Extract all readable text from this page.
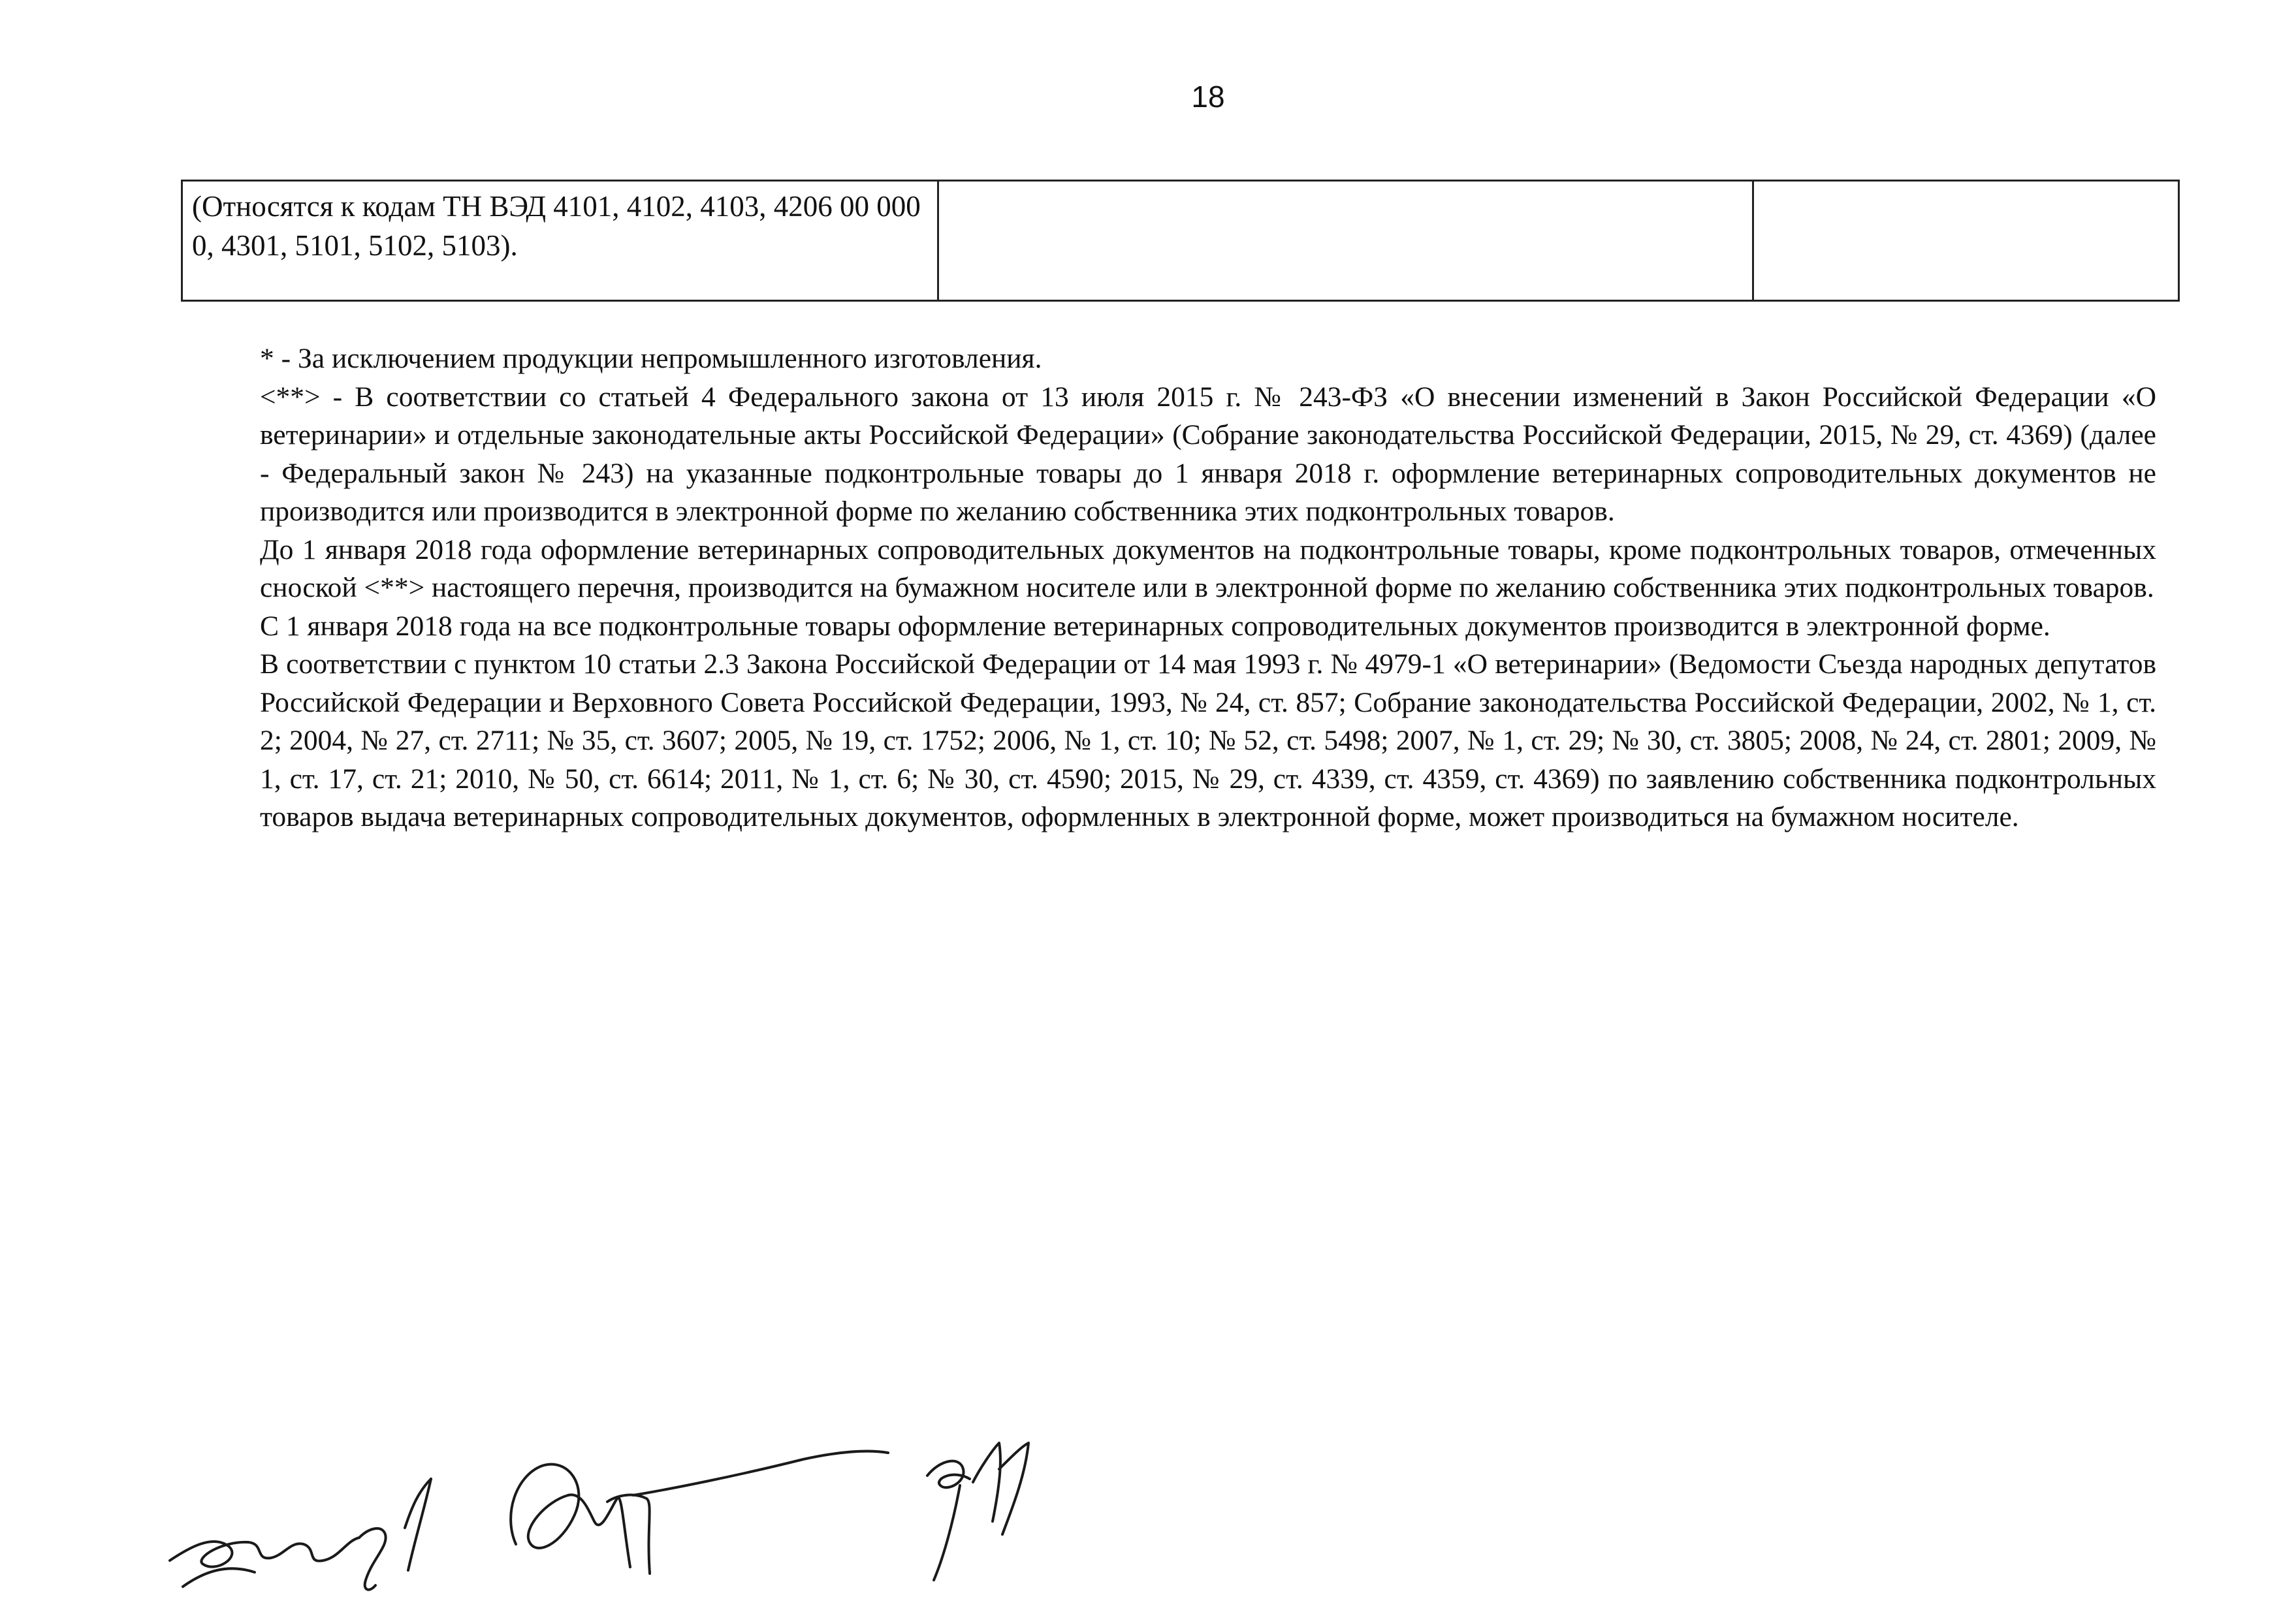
18
(Относятся к кодам ТН ВЭД 4101, 4102, 4103, 4206 00 000 0, 4301, 5101, 5102, 5103).		

* - За исключением продукции непромышленного изготовления.

<**> - В соответствии со статьей 4 Федерального закона от 13 июля 2015 г. № 243-ФЗ «О внесении изменений в Закон Российской Федерации «О ветеринарии» и отдельные законодательные акты Российской Федерации» (Собрание законодательства Российской Федерации, 2015, № 29, ст. 4369) (далее - Федеральный закон № 243) на указанные подконтрольные товары до 1 января 2018 г. оформление ветеринарных сопроводительных документов не производится или производится в электронной форме по желанию собственника этих подконтрольных товаров.

До 1 января 2018 года оформление ветеринарных сопроводительных документов на подконтрольные товары, кроме подконтрольных товаров, отмеченных сноской <**> настоящего перечня, производится на бумажном носителе или в электронной форме по желанию собственника этих подконтрольных товаров.

С 1 января 2018 года на все подконтрольные товары оформление ветеринарных сопроводительных документов производится в электронной форме.

В соответствии с пунктом 10 статьи 2.3 Закона Российской Федерации от 14 мая 1993 г. № 4979-1 «О ветеринарии» (Ведомости Съезда народных депутатов Российской Федерации и Верховного Совета Российской Федерации, 1993, № 24, ст. 857; Собрание законодательства Российской Федерации, 2002, № 1, ст. 2; 2004, № 27, ст. 2711; № 35, ст. 3607; 2005, № 19, ст. 1752; 2006, № 1, ст. 10; № 52, ст. 5498; 2007, № 1, ст. 29; № 30, ст. 3805; 2008, № 24, ст. 2801; 2009, № 1, ст. 17, ст. 21; 2010, № 50, ст. 6614; 2011, № 1, ст. 6; № 30, ст. 4590; 2015, № 29, ст. 4339, ст. 4359, ст. 4369) по заявлению собственника подконтрольных товаров выдача ветеринарных сопроводительных документов, оформленных в электронной форме, может производиться на бумажном носителе.
